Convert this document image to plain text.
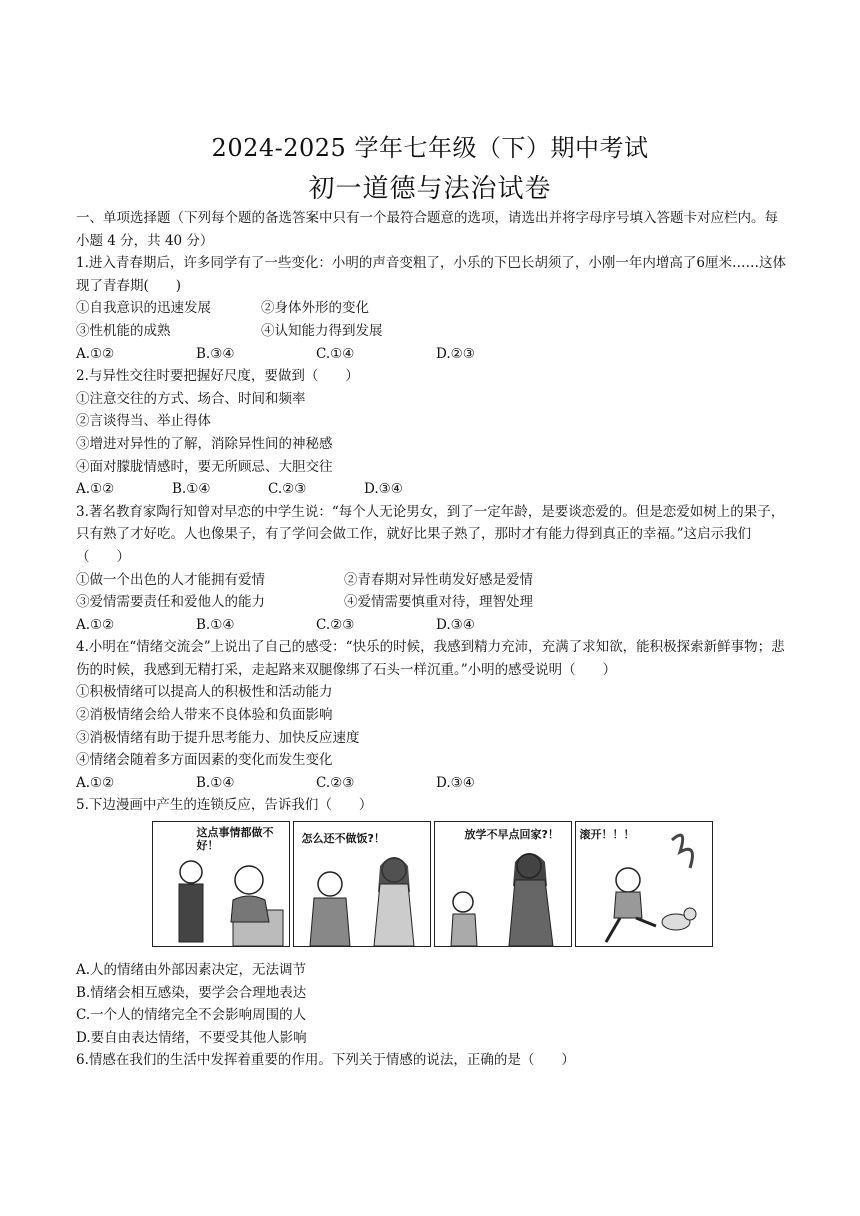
2024-2025 学年七年级（下）期中考试
初一道德与法治试卷
一、单项选择题（下列每个题的备选答案中只有一个最符合题意的选项，请选出并将字母序号填入答题卡对应栏内。每小题 4 分，共 40 分）
1.进入青春期后，许多同学有了一些变化：小明的声音变粗了，小乐的下巴长胡须了，小刚一年内增高了6厘米……这体现了青春期(　　)
①自我意识的迅速发展	②身体外形的变化
③性机能的成熟	④认知能力得到发展
A.①②	B.③④	C.①④	D.②③
2.与异性交往时要把握好尺度，要做到（　　）
①注意交往的方式、场合、时间和频率
②言谈得当、举止得体
③增进对异性的了解，消除异性间的神秘感
④面对朦胧情感时，要无所顾忌、大胆交往
A.①②	B.①④	C.②③	D.③④
3.著名教育家陶行知曾对早恋的中学生说：“每个人无论男女，到了一定年龄，是要谈恋爱的。但是恋爱如树上的果子，只有熟了才好吃。人也像果子，有了学问会做工作，就好比果子熟了，那时才有能力得到真正的幸福。”这启示我们（　　）
①做一个出色的人才能拥有爱情	②青春期对异性萌发好感是爱情
③爱情需要责任和爱他人的能力	④爱情需要慎重对待，理智处理
A.①②	B.①④	C.②③	D.③④
4.小明在“情绪交流会”上说出了自己的感受：“快乐的时候，我感到精力充沛，充满了求知欲，能积极探索新鲜事物；悲伤的时候，我感到无精打采，走起路来双腿像绑了石头一样沉重。”小明的感受说明（　　）
①积极情绪可以提高人的积极性和活动能力
②消极情绪会给人带来不良体验和负面影响
③消极情绪有助于提升思考能力、加快反应速度
④情绪会随着多方面因素的变化而发生变化
A.①②	B.①④	C.②③	D.③④
5.下边漫画中产生的连锁反应，告诉我们（　　）
这点事情都做不好！
怎么还不做饭?！	放学不早点回家?！	滚开！！！
A.人的情绪由外部因素决定，无法调节
B.情绪会相互感染，要学会合理地表达
C.一个人的情绪完全不会影响周围的人
D.要自由表达情绪，不要受其他人影响
6.情感在我们的生活中发挥着重要的作用。下列关于情感的说法，正确的是（　　）
